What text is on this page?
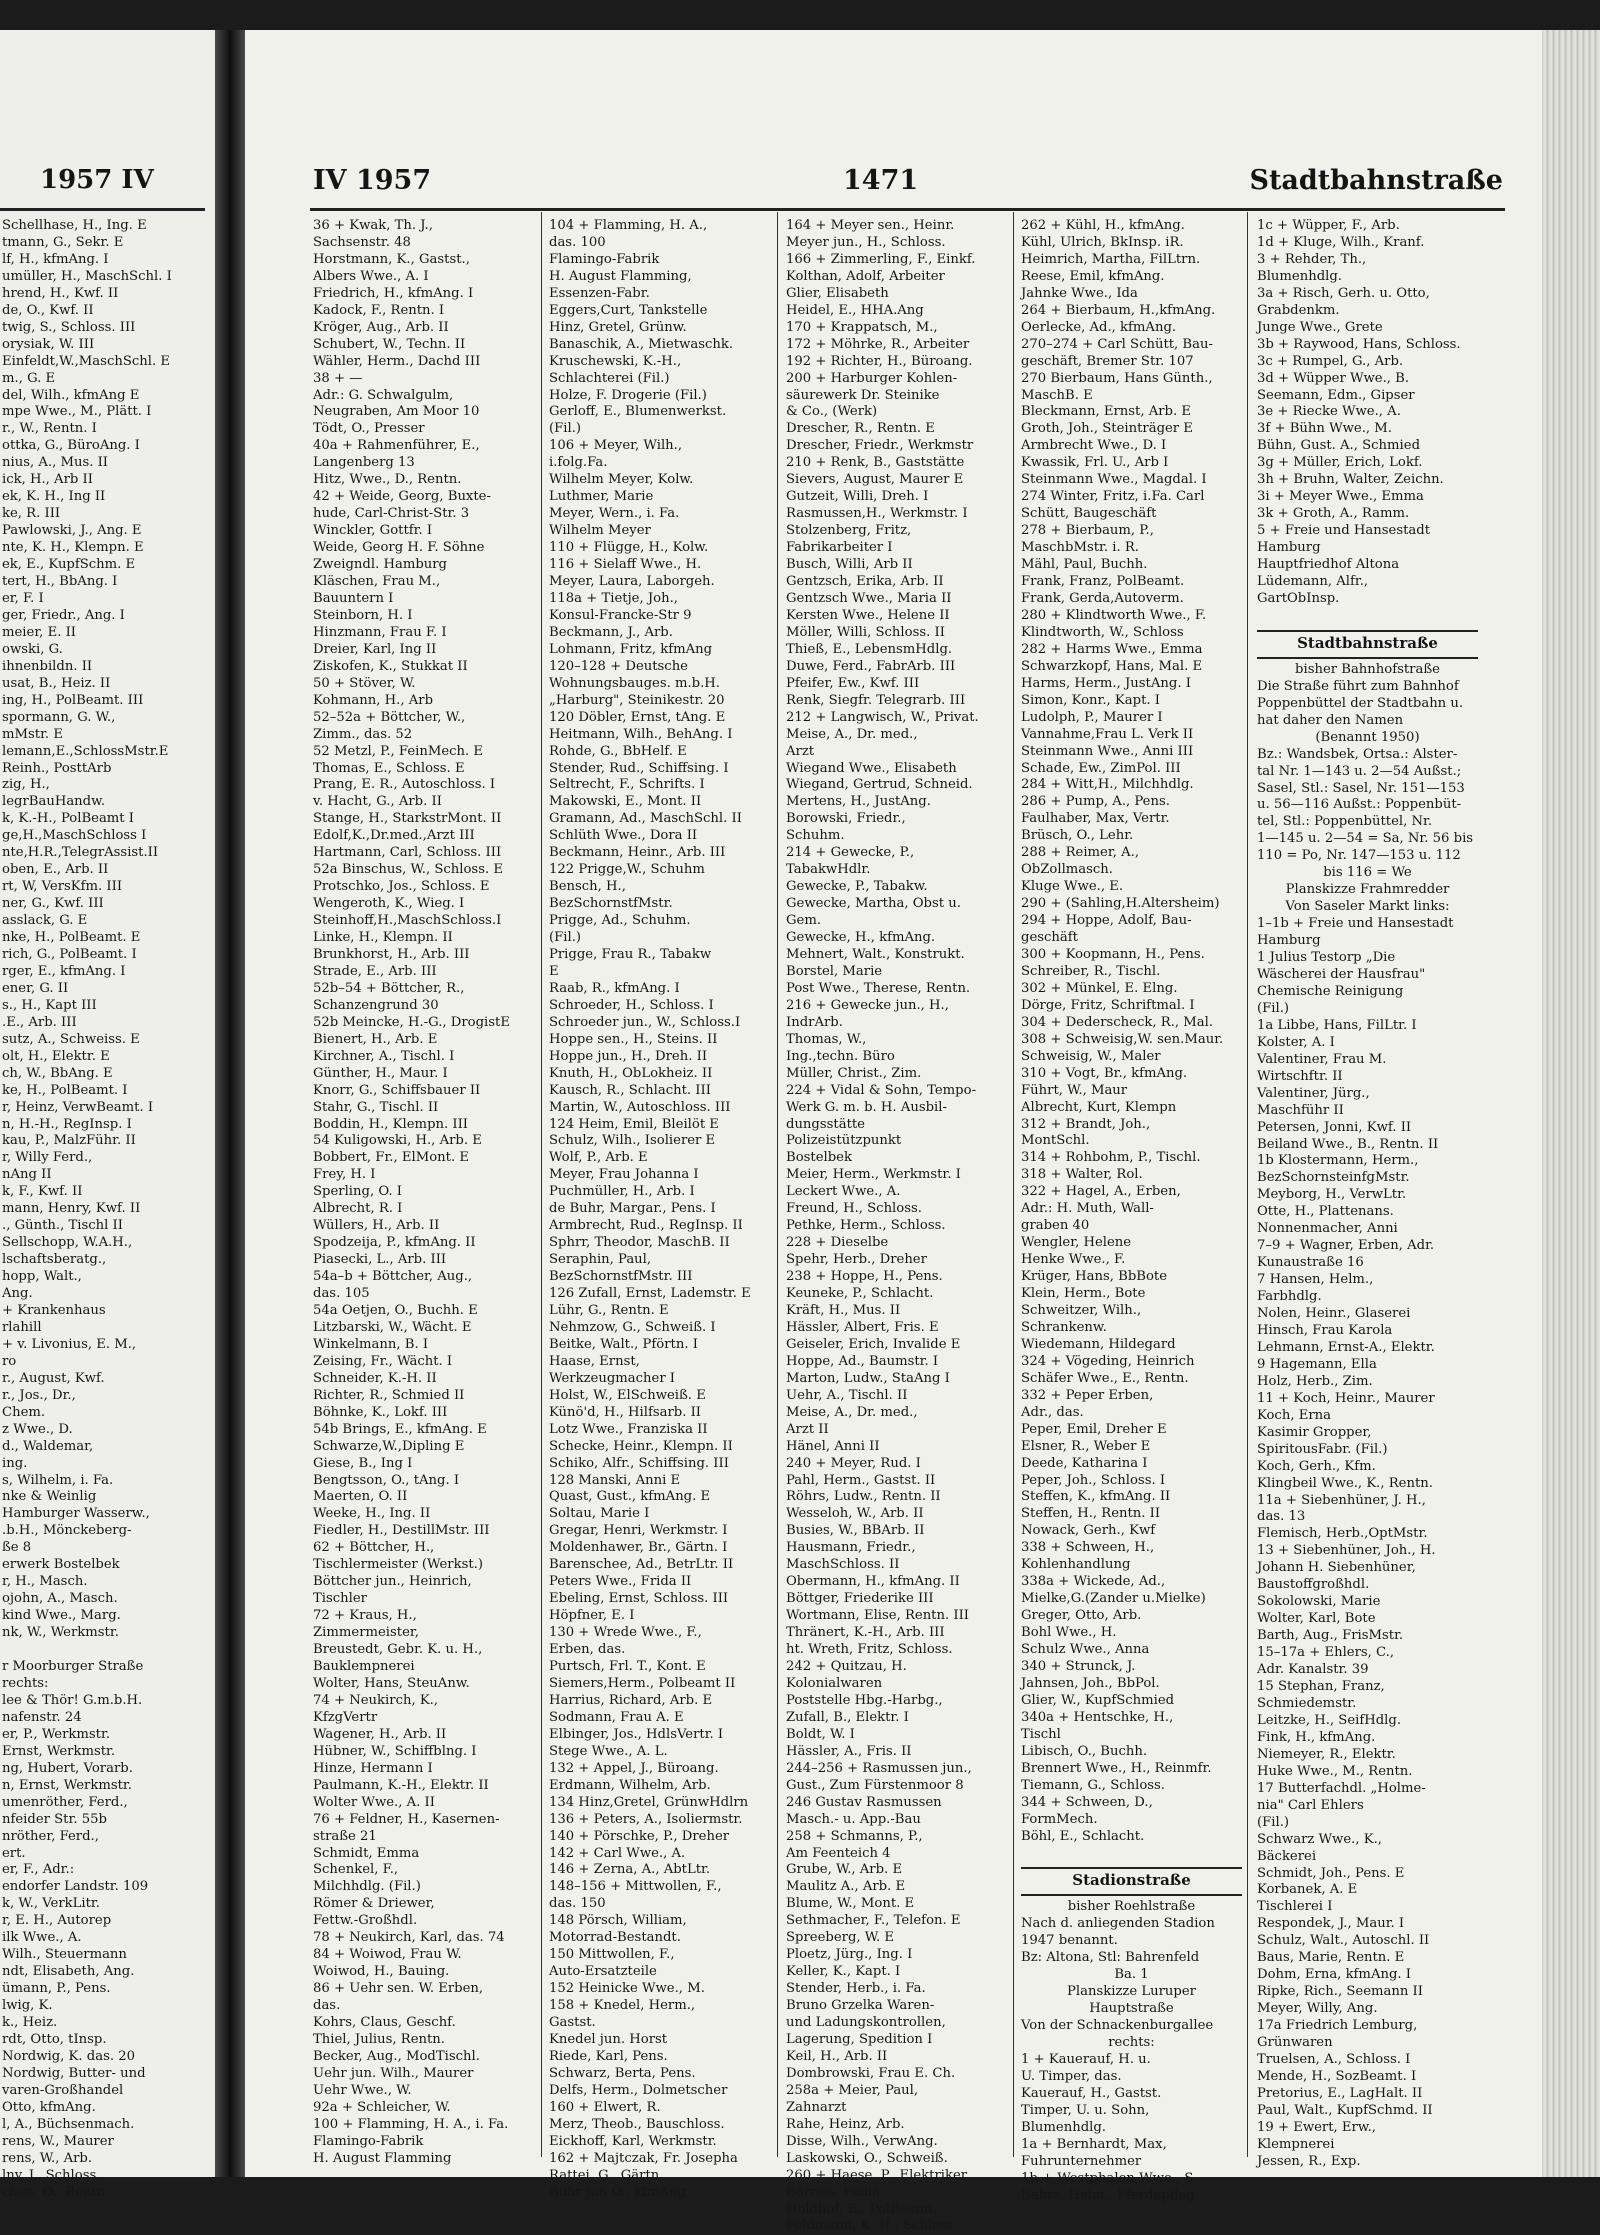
1957 IV
Schellhase, H., Ing. E
tmann, G., Sekr. E
lf, H., kfmAng. I
umüller, H., MaschSchl. I
hrend, H., Kwf. II
de, O., Kwf. II
twig, S., Schloss. III
orysiak, W. III
Einfeldt,W.,MaschSchl. E
m., G. E
del, Wilh., kfmAng E
mpe Wwe., M., Plätt. I
r., W., Rentn. I
ottka, G., BüroAng. I
nius, A., Mus. II
ick, H., Arb II
ek, K. H., Ing II
ke, R. III
Pawlowski, J., Ang. E
nte, K. H., Klempn. E
ek, E., KupfSchm. E
tert, H., BbAng. I
er, F. I
ger, Friedr., Ang. I
meier, E. II
owski, G.
ihnenbildn. II
usat, B., Heiz. II
ing, H., PolBeamt. III
spormann, G. W.,
mMstr. E
lemann,E.,SchlossMstr.E
Reinh., PosttArb
zig, H.,
legrBauHandw.
k, K.-H., PolBeamt I
ge,H.,MaschSchloss I
nte,H.R.,TelegrAssist.II
oben, E., Arb. II
rt, W, VersKfm. III
ner, G., Kwf. III
asslack, G. E
nke, H., PolBeamt. E
rich, G., PolBeamt. I
rger, E., kfmAng. I
ener, G. II
s., H., Kapt III
.E., Arb. III
sutz, A., Schweiss. E
olt, H., Elektr. E
ch, W., BbAng. E
ke, H., PolBeamt. I
r, Heinz, VerwBeamt. I
n, H.-H., RegInsp. I
kau, P., MalzFühr. II
r, Willy Ferd.,
nAng II
k, F., Kwf. II
mann, Henry, Kwf. II
., Günth., Tischl II
Sellschopp, W.A.H.,
lschaftsberatg.,
hopp, Walt.,
Ang.
+ Krankenhaus
rlahill
+ v. Livonius, E. M.,
ro
r., August, Kwf.
r., Jos., Dr.,
Chem.
z Wwe., D.
d., Waldemar,
ing.
s, Wilhelm, i. Fa.
nke & Weinlig
Hamburger Wasserw.,
.b.H., Mönckeberg-
ße 8
erwerk Bostelbek
r, H., Masch.
ojohn, A., Masch.
kind Wwe., Marg.
nk, W., Werkmstr.

r Moorburger Straße
rechts:
lee & Thör! G.m.b.H.
nafenstr. 24
er, P., Werkmstr.
Ernst, Werkmstr.
ng, Hubert, Vorarb.
n, Ernst, Werkmstr.
umenröther, Ferd.,
nfeider Str. 55b
nröther, Ferd.,
ert.
er, F., Adr.:
endorfer Landstr. 109
k, W., VerkLitr.
r, E. H., Autorep
ilk Wwe., A.
Wilh., Steuermann
ndt, Elisabeth, Ang.
ümann, P., Pens.
lwig, K.
k., Heiz.
rdt, Otto, tInsp.
Nordwig, K. das. 20
Nordwig, Butter- und
varen-Großhandel
Otto, kfmAng.
l, A., Büchsenmach.
rens, W., Maurer
rens, W., Arb.
lny, J., Schloss.
chen, O., Rentn.
IV 1957	1471	Stadtbahnstraße
36 + Kwak, Th. J.,
Sachsenstr. 48
Horstmann, K., Gastst.,
Albers Wwe., A. I
Friedrich, H., kfmAng. I
Kadock, F., Rentn. I
Kröger, Aug., Arb. II
Schubert, W., Techn. II
Wähler, Herm., Dachd III
38 + —
Adr.: G. Schwalgulm,
Neugraben, Am Moor 10
Tödt, O., Presser
40a + Rahmenführer, E.,
Langenberg 13
Hitz, Wwe., D., Rentn.
42 + Weide, Georg, Buxte-
hude, Carl-Christ-Str. 3
Winckler, Gottfr. I
Weide, Georg H. F. Söhne
Zweigndl. Hamburg
Kläschen, Frau M.,
Bauuntern I
Steinborn, H. I
Hinzmann, Frau F. I
Dreier, Karl, Ing II
Ziskofen, K., Stukkat II
50 + Stöver, W.
Kohmann, H., Arb
52–52a + Böttcher, W.,
Zimm., das. 52
52 Metzl, P., FeinMech. E
Thomas, E., Schloss. E
Prang, E. R., Autoschloss. I
v. Hacht, G., Arb. II
Stange, H., StarkstrMont. II
Edolf,K.,Dr.med.,Arzt III
Hartmann, Carl, Schloss. III
52a Binschus, W., Schloss. E
Protschko, Jos., Schloss. E
Wengeroth, K., Wieg. I
Steinhoff,H.,MaschSchloss.I
Linke, H., Klempn. II
Brunkhorst, H., Arb. III
Strade, E., Arb. III
52b–54 + Böttcher, R.,
Schanzengrund 30
52b Meincke, H.-G., DrogistE
Bienert, H., Arb. E
Kirchner, A., Tischl. I
Günther, H., Maur. I
Knorr, G., Schiffsbauer II
Stahr, G., Tischl. II
Boddin, H., Klempn. III
54 Kuligowski, H., Arb. E
Bobbert, Fr., ElMont. E
Frey, H. I
Sperling, O. I
Albrecht, R. I
Wüllers, H., Arb. II
Spodzeija, P., kfmAng. II
Piasecki, L., Arb. III
54a–b + Böttcher, Aug.,
das. 105
54a Oetjen, O., Buchh. E
Litzbarski, W., Wächt. E
Winkelmann, B. I
Zeising, Fr., Wächt. I
Schneider, K.-H. II
Richter, R., Schmied II
Böhnke, K., Lokf. III
54b Brings, E., kfmAng. E
Schwarze,W.,Dipling E
Giese, B., Ing I
Bengtsson, O., tAng. I
Maerten, O. II
Weeke, H., Ing. II
Fiedler, H., DestillMstr. III
62 + Böttcher, H.,
Tischlermeister (Werkst.)
Böttcher jun., Heinrich,
Tischler
72 + Kraus, H.,
Zimmermeister,
Breustedt, Gebr. K. u. H.,
Bauklempnerei
Wolter, Hans, SteuAnw.
74 + Neukirch, K.,
KfzgVertr
Wagener, H., Arb. II
Hübner, W., Schiffblng. I
Hinze, Hermann I
Paulmann, K.-H., Elektr. II
Wolter Wwe., A. II
76 + Feldner, H., Kasernen-
straße 21
Schmidt, Emma
Schenkel, F.,
Milchhdlg. (Fil.)
Römer & Driewer,
Fettw.-Großhdl.
78 + Neukirch, Karl, das. 74
84 + Woiwod, Frau W.
Woiwod, H., Bauing.
86 + Uehr sen. W. Erben,
das.
Kohrs, Claus, Geschf.
Thiel, Julius, Rentn.
Becker, Aug., ModTischl.
Uehr jun. Wilh., Maurer
Uehr Wwe., W.
92a + Schleicher, W.
100 + Flamming, H. A., i. Fa.
Flamingo-Fabrik
H. August Flamming
104 + Flamming, H. A.,
das. 100
Flamingo-Fabrik
H. August Flamming,
Essenzen-Fabr.
Eggers,Curt, Tankstelle
Hinz, Gretel, Grünw.
Banaschik, A., Mietwaschk.
Kruschewski, K.-H.,
Schlachterei (Fil.)
Holze, F. Drogerie (Fil.)
Gerloff, E., Blumenwerkst.
(Fil.)
106 + Meyer, Wilh.,
i.folg.Fa.
Wilhelm Meyer, Kolw.
Luthmer, Marie
Meyer, Wern., i. Fa.
Wilhelm Meyer
110 + Flügge, H., Kolw.
116 + Sielaff Wwe., H.
Meyer, Laura, Laborgeh.
118a + Tietje, Joh.,
Konsul-Francke-Str 9
Beckmann, J., Arb.
Lohmann, Fritz, kfmAng
120–128 + Deutsche
Wohnungsbauges. m.b.H.
„Harburg", Steinikestr. 20
120 Döbler, Ernst, tAng. E
Heitmann, Wilh., BehAng. I
Rohde, G., BbHelf. E
Stender, Rud., Schiffsing. I
Seltrecht, F., Schrifts. I
Makowski, E., Mont. II
Gramann, Ad., MaschSchl. II
Schlüth Wwe., Dora II
Beckmann, Heinr., Arb. III
122 Prigge,W., Schuhm
Bensch, H.,
BezSchornstfMstr.
Prigge, Ad., Schuhm.
(Fil.)
Prigge, Frau R., Tabakw
E
Raab, R., kfmAng. I
Schroeder, H., Schloss. I
Schroeder jun., W., Schloss.I
Hoppe sen., H., Steins. II
Hoppe jun., H., Dreh. II
Knuth, H., ObLokheiz. II
Kausch, R., Schlacht. III
Martin, W., Autoschloss. III
124 Heim, Emil, Bleilöt E
Schulz, Wilh., Isolierer E
Wolf, P., Arb. E
Meyer, Frau Johanna I
Puchmüller, H., Arb. I
de Buhr, Margar., Pens. I
Armbrecht, Rud., RegInsp. II
Sphrr, Theodor, MaschB. II
Seraphin, Paul,
BezSchornstfMstr. III
126 Zufall, Ernst, Lademstr. E
Lühr, G., Rentn. E
Nehmzow, G., Schweiß. I
Beitke, Walt., Pförtn. I
Haase, Ernst,
Werkzeugmacher I
Holst, W., ElSchweiß. E
Künö'd, H., Hilfsarb. II
Lotz Wwe., Franziska II
Schecke, Heinr., Klempn. II
Schiko, Alfr., Schiffsing. III
128 Manski, Anni E
Quast, Gust., kfmAng. E
Soltau, Marie I
Gregar, Henri, Werkmstr. I
Moldenhawer, Br., Gärtn. I
Barenschee, Ad., BetrLtr. II
Peters Wwe., Frida II
Ebeling, Ernst, Schloss. III
Höpfner, E. I
130 + Wrede Wwe., F.,
Erben, das.
Purtsch, Frl. T., Kont. E
Siemers,Herm., Polbeamt II
Harrius, Richard, Arb. E
Sodmann, Frau A. E
Elbinger, Jos., HdlsVertr. I
Stege Wwe., A. L.
132 + Appel, J., Büroang.
Erdmann, Wilhelm, Arb.
134 Hinz,Gretel, GrünwHdlrn
136 + Peters, A., Isoliermstr.
140 + Pörschke, P., Dreher
142 + Carl Wwe., A.
146 + Zerna, A., AbtLtr.
148–156 + Mittwollen, F.,
das. 150
148 Pörsch, William,
Motorrad-Bestandt.
150 Mittwollen, F.,
Auto-Ersatzteile
152 Heinicke Wwe., M.
158 + Knedel, Herm.,
Gastst.
Knedel jun. Horst
Riede, Karl, Pens.
Schwarz, Berta, Pens.
Delfs, Herm., Dolmetscher
160 + Elwert, R.
Merz, Theob., Bauschloss.
Eickhoff, Karl, Werkmstr.
162 + Majtczak, Fr. Josepha
Rattei, G., Gärtn
Buhr jun O., kfmAng
164 + Meyer sen., Heinr.
Meyer jun., H., Schloss.
166 + Zimmerling, F., Einkf.
Kolthan, Adolf, Arbeiter
Glier, Elisabeth
Heidel, E., HHA.Ang
170 + Krappatsch, M.,
172 + Möhrke, R., Arbeiter
192 + Richter, H., Büroang.
200 + Harburger Kohlen-
säurewerk Dr. Steinike
& Co., (Werk)
Drescher, R., Rentn. E
Drescher, Friedr., Werkmstr
210 + Renk, B., Gaststätte
Sievers, August, Maurer E
Gutzeit, Willi, Dreh. I
Rasmussen,H., Werkmstr. I
Stolzenberg, Fritz,
Fabrikarbeiter I
Busch, Willi, Arb II
Gentzsch, Erika, Arb. II
Gentzsch Wwe., Maria II
Kersten Wwe., Helene II
Möller, Willi, Schloss. II
Thieß, E., LebensmHdlg.
Duwe, Ferd., FabrArb. III
Pfeifer, Ew., Kwf. III
Renk, Siegfr. Telegrarb. III
212 + Langwisch, W., Privat.
Meise, A., Dr. med.,
Arzt
Wiegand Wwe., Elisabeth
Wiegand, Gertrud, Schneid.
Mertens, H., JustAng.
Borowski, Friedr.,
Schuhm.
214 + Gewecke, P.,
TabakwHdlr.
Gewecke, P., Tabakw.
Gewecke, Martha, Obst u.
Gem.
Gewecke, H., kfmAng.
Mehnert, Walt., Konstrukt.
Borstel, Marie
Post Wwe., Therese, Rentn.
216 + Gewecke jun., H.,
IndrArb.
Thomas, W.,
Ing.,techn. Büro
Müller, Christ., Zim.
224 + Vidal & Sohn, Tempo-
Werk G. m. b. H. Ausbil-
dungsstätte
Polizeistützpunkt
Bostelbek
Meier, Herm., Werkmstr. I
Leckert Wwe., A.
Freund, H., Schloss.
Pethke, Herm., Schloss.
228 + Dieselbe
Spehr, Herb., Dreher
238 + Hoppe, H., Pens.
Keuneke, P., Schlacht.
Kräft, H., Mus. II
Hässler, Albert, Fris. E
Geiseler, Erich, Invalide E
Hoppe, Ad., Baumstr. I
Marton, Ludw., StaAng I
Uehr, A., Tischl. II
Meise, A., Dr. med.,
Arzt II
Hänel, Anni II
240 + Meyer, Rud. I
Pahl, Herm., Gastst. II
Röhrs, Ludw., Rentn. II
Wesseloh, W., Arb. II
Busies, W., BBArb. II
Hausmann, Friedr.,
MaschSchloss. II
Obermann, H., kfmAng. II
Böttger, Friederike III
Wortmann, Elise, Rentn. III
Thränert, K.-H., Arb. III
ht. Wreth, Fritz, Schloss.
242 + Quitzau, H.
Kolonialwaren
Poststelle Hbg.-Harbg.,
Zufall, B., Elektr. I
Boldt, W. I
Hässler, A., Fris. II
244–256 + Rasmussen jun.,
Gust., Zum Fürstenmoor 8
246 Gustav Rasmussen
Masch.- u. App.-Bau
258 + Schmanns, P.,
Am Feenteich 4
Grube, W., Arb. E
Maulitz A., Arb. E
Blume, W., Mont. E
Sethmacher, F., Telefon. E
Spreeberg, W. E
Ploetz, Jürg., Ing. I
Keller, K., Kapt. I
Stender, Herb., i. Fa.
Bruno Grzelka Waren-
und Ladungskontrollen,
Lagerung, Spedition I
Keil, H., Arb. II
Dombrowski, Frau E. Ch.
258a + Meier, Paul,
Zahnarzt
Rahe, Heinz, Arb.
Disse, Wilh., VerwAng.
Laskowski, O., Schweiß.
260 + Haese, P., Elektriker
Börries, Paula
Holdhof, E., PolBeamt.
Feldmann, K. H., Schloss.
262 + Kühl, H., kfmAng.
Kühl, Ulrich, BkInsp. iR.
Heimrich, Martha, FilLtrn.
Reese, Emil, kfmAng.
Jahnke Wwe., Ida
264 + Bierbaum, H.,kfmAng.
Oerlecke, Ad., kfmAng.
270–274 + Carl Schütt, Bau-
geschäft, Bremer Str. 107
270 Bierbaum, Hans Günth.,
MaschB. E
Bleckmann, Ernst, Arb. E
Groth, Joh., Steinträger E
Armbrecht Wwe., D. I
Kwassik, Frl. U., Arb I
Steinmann Wwe., Magdal. I
274 Winter, Fritz, i.Fa. Carl
Schütt, Baugeschäft
278 + Bierbaum, P.,
MaschbMstr. i. R.
Mähl, Paul, Buchh.
Frank, Franz, PolBeamt.
Frank, Gerda,Autoverm.
280 + Klindtworth Wwe., F.
Klindtworth, W., Schloss
282 + Harms Wwe., Emma
Schwarzkopf, Hans, Mal. E
Harms, Herm., JustAng. I
Simon, Konr., Kapt. I
Ludolph, P., Maurer I
Vannahme,Frau L. Verk II
Steinmann Wwe., Anni III
Schade, Ew., ZimPol. III
284 + Witt,H., Milchhdlg.
286 + Pump, A., Pens.
Faulhaber, Max, Vertr.
Brüsch, O., Lehr.
288 + Reimer, A.,
ObZollmasch.
Kluge Wwe., E.
290 + (Sahling,H.Altersheim)
294 + Hoppe, Adolf, Bau-
geschäft
300 + Koopmann, H., Pens.
Schreiber, R., Tischl.
302 + Münkel, E. Elng.
Dörge, Fritz, Schriftmal. I
304 + Dederscheck, R., Mal.
308 + Schweisig,W. sen.Maur.
Schweisig, W., Maler
310 + Vogt, Br., kfmAng.
Führt, W., Maur
Albrecht, Kurt, Klempn
312 + Brandt, Joh.,
MontSchl.
314 + Rohbohm, P., Tischl.
318 + Walter, Rol.
322 + Hagel, A., Erben,
Adr.: H. Muth, Wall-
graben 40
Wengler, Helene
Henke Wwe., F.
Krüger, Hans, BbBote
Klein, Herm., Bote
Schweitzer, Wilh.,
Schrankenw.
Wiedemann, Hildegard
324 + Vögeding, Heinrich
Schäfer Wwe., E., Rentn.
332 + Peper Erben,
Adr., das.
Peper, Emil, Dreher E
Elsner, R., Weber E
Deede, Katharina I
Peper, Joh., Schloss. I
Steffen, K., kfmAng. II
Steffen, H., Rentn. II
Nowack, Gerh., Kwf
338 + Schween, H.,
Kohlenhandlung
338a + Wickede, Ad.,
Mielke,G.(Zander u.Mielke)
Greger, Otto, Arb.
Bohl Wwe., H.
Schulz Wwe., Anna
340 + Strunck, J.
Jahnsen, Joh., BbPol.
Glier, W., KupfSchmied
340a + Hentschke, H.,
Tischl
Libisch, O., Buchh.
Brennert Wwe., H., Reinmfr.
Tiemann, G., Schloss.
344 + Schween, D.,
FormMech.
Böhl, E., Schlacht.

Stadionstraße
bisher Roehlstraße
Nach d. anliegenden Stadion
1947 benannt.
Bz: Altona, Stl: Bahrenfeld
Ba. 1
Planskizze Luruper
Hauptstraße
Von der Schnackenburgallee
rechts:
1 + Kauerauf, H. u.
U. Timper, das.
Kauerauf, H., Gastst.
Timper, U. u. Sohn,
Blumenhdlg.
1a + Bernhardt, Max,
Fuhrunternehmer
1b + Westphalen Wwe., S.
Bahrs, Helm., Pferdepfleg.
1c + Wüpper, F., Arb.
1d + Kluge, Wilh., Kranf.
3 + Rehder, Th.,
Blumenhdlg.
3a + Risch, Gerh. u. Otto,
Grabdenkm.
Junge Wwe., Grete
3b + Raywood, Hans, Schloss.
3c + Rumpel, G., Arb.
3d + Wüpper Wwe., B.
Seemann, Edm., Gipser
3e + Riecke Wwe., A.
3f + Bühn Wwe., M.
Bühn, Gust. A., Schmied
3g + Müller, Erich, Lokf.
3h + Bruhn, Walter, Zeichn.
3i + Meyer Wwe., Emma
3k + Groth, A., Ramm.
5 + Freie und Hansestadt
Hamburg
Hauptfriedhof Altona
Lüdemann, Alfr.,
GartObInsp.

Stadtbahnstraße
bisher Bahnhofstraße
Die Straße führt zum Bahnhof
Poppenbüttel der Stadtbahn u.
hat daher den Namen
(Benannt 1950)
Bz.: Wandsbek, Ortsa.: Alster-
tal Nr. 1—143 u. 2—54 Außst.;
Sasel, Stl.: Sasel, Nr. 151—153
u. 56—116 Außst.: Poppenbüt-
tel, Stl.: Poppenbüttel, Nr.
1—145 u. 2—54 = Sa, Nr. 56 bis
110 = Po, Nr. 147—153 u. 112
bis 116 = We
Planskizze Frahmredder
Von Saseler Markt links:
1–1b + Freie und Hansestadt
Hamburg
1 Julius Testorp „Die
Wäscherei der Hausfrau"
Chemische Reinigung
(Fil.)
1a Libbe, Hans, FilLtr. I
Kolster, A. I
Valentiner, Frau M.
Wirtschftr. II
Valentiner, Jürg.,
Maschführ II
Petersen, Jonni, Kwf. II
Beiland Wwe., B., Rentn. II
1b Klostermann, Herm.,
BezSchornsteinfgMstr.
Meyborg, H., VerwLtr.
Otte, H., Plattenans.
Nonnenmacher, Anni
7–9 + Wagner, Erben, Adr.
Kunaustraße 16
7 Hansen, Helm.,
Farbhdlg.
Nolen, Heinr., Glaserei
Hinsch, Frau Karola
Lehmann, Ernst-A., Elektr.
9 Hagemann, Ella
Holz, Herb., Zim.
11 + Koch, Heinr., Maurer
Koch, Erna
Kasimir Gropper,
SpiritousFabr. (Fil.)
Koch, Gerh., Kfm.
Klingbeil Wwe., K., Rentn.
11a + Siebenhüner, J. H.,
das. 13
Flemisch, Herb.,OptMstr.
13 + Siebenhüner, Joh., H.
Johann H. Siebenhüner,
Baustoffgroßhdl.
Sokolowski, Marie
Wolter, Karl, Bote
Barth, Aug., FrisMstr.
15–17a + Ehlers, C.,
Adr. Kanalstr. 39
15 Stephan, Franz,
Schmiedemstr.
Leitzke, H., SeifHdlg.
Fink, H., kfmAng.
Niemeyer, R., Elektr.
Huke Wwe., M., Rentn.
17 Butterfachdl. „Holme-
nia" Carl Ehlers
(Fil.)
Schwarz Wwe., K.,
Bäckerei
Schmidt, Joh., Pens. E
Korbanek, A. E
Tischlerei I
Respondek, J., Maur. I
Schulz, Walt., Autoschl. II
Baus, Marie, Rentn. E
Dohm, Erna, kfmAng. I
Ripke, Rich., Seemann II
Meyer, Willy, Ang.
17a Friedrich Lemburg,
Grünwaren
Truelsen, A., Schloss. I
Mende, H., SozBeamt. I
Pretorius, E., LagHalt. II
Paul, Walt., KupfSchmd. II
19 + Ewert, Erw.,
Klempnerei
Jessen, R., Exp.
